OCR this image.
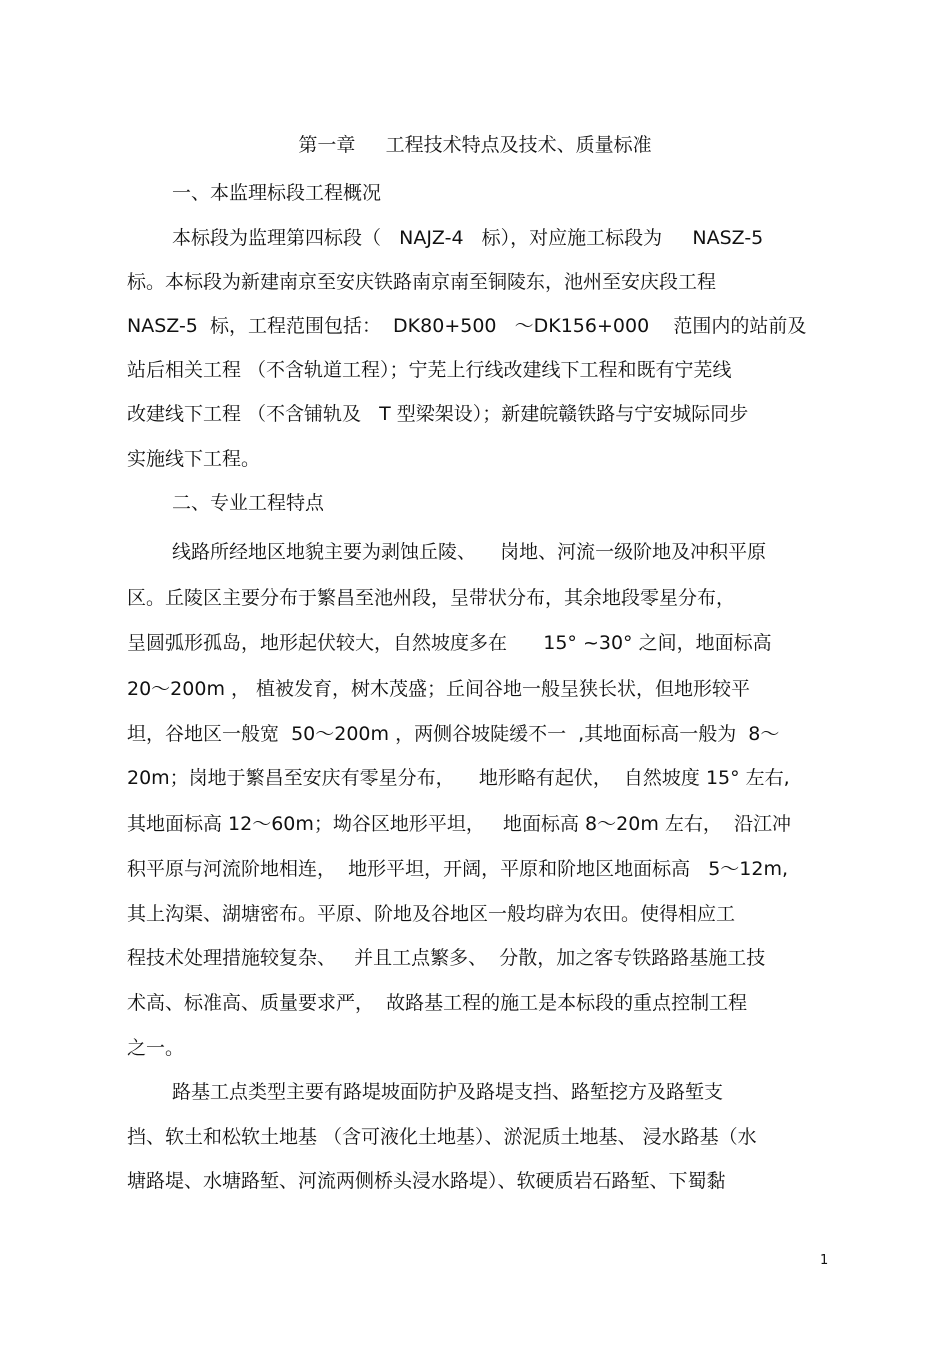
第一章     工程技术特点及技术、质量标准
一、本监理标段工程概况
本标段为监理第四标段（   NAJZ-4   标），对应施工标段为     NASZ-5
标。本标段为新建南京至安庆铁路南京南至铜陵东，池州至安庆段工程
NASZ-5  标，工程范围包括：  DK80+500   ～DK156+000    范围内的站前及
站后相关工程 （不含轨道工程）；宁芜上行线改建线下工程和既有宁芜线
改建线下工程 （不含铺轨及   T 型梁架设）；新建皖赣铁路与宁安城际同步
实施线下工程。
二、专业工程特点
线路所经地区地貌主要为剥蚀丘陵、    岗地、河流一级阶地及冲积平原
区。丘陵区主要分布于繁昌至池州段，呈带状分布，其余地段零星分布，
呈圆弧形孤岛，地形起伏较大，自然坡度多在      15° ~30° 之间，地面标高
20～200m ， 植被发育，树木茂盛；丘间谷地一般呈狭长状，但地形较平
坦，谷地区一般宽  50～200m ，两侧谷坡陡缓不一  ,其地面标高一般为  8～
20m；岗地于繁昌至安庆有零星分布，    地形略有起伏，  自然坡度 15° 左右,
其地面标高 12～60m；坳谷区地形平坦，   地面标高 8～20m 左右，  沿江冲
积平原与河流阶地相连，  地形平坦，开阔，平原和阶地区地面标高   5～12m,
其上沟渠、湖塘密布。平原、阶地及谷地区一般均辟为农田。使得相应工
程技术处理措施较复杂、   并且工点繁多、  分散，加之客专铁路路基施工技
术高、标准高、质量要求严，  故路基工程的施工是本标段的重点控制工程
之一。
路基工点类型主要有路堤坡面防护及路堤支挡、路堑挖方及路堑支
挡、软土和松软土地基 （含可液化土地基）、淤泥质土地基、 浸水路基（水
塘路堤、水塘路堑、河流两侧桥头浸水路堤）、软硬质岩石路堑、下蜀黏
1
